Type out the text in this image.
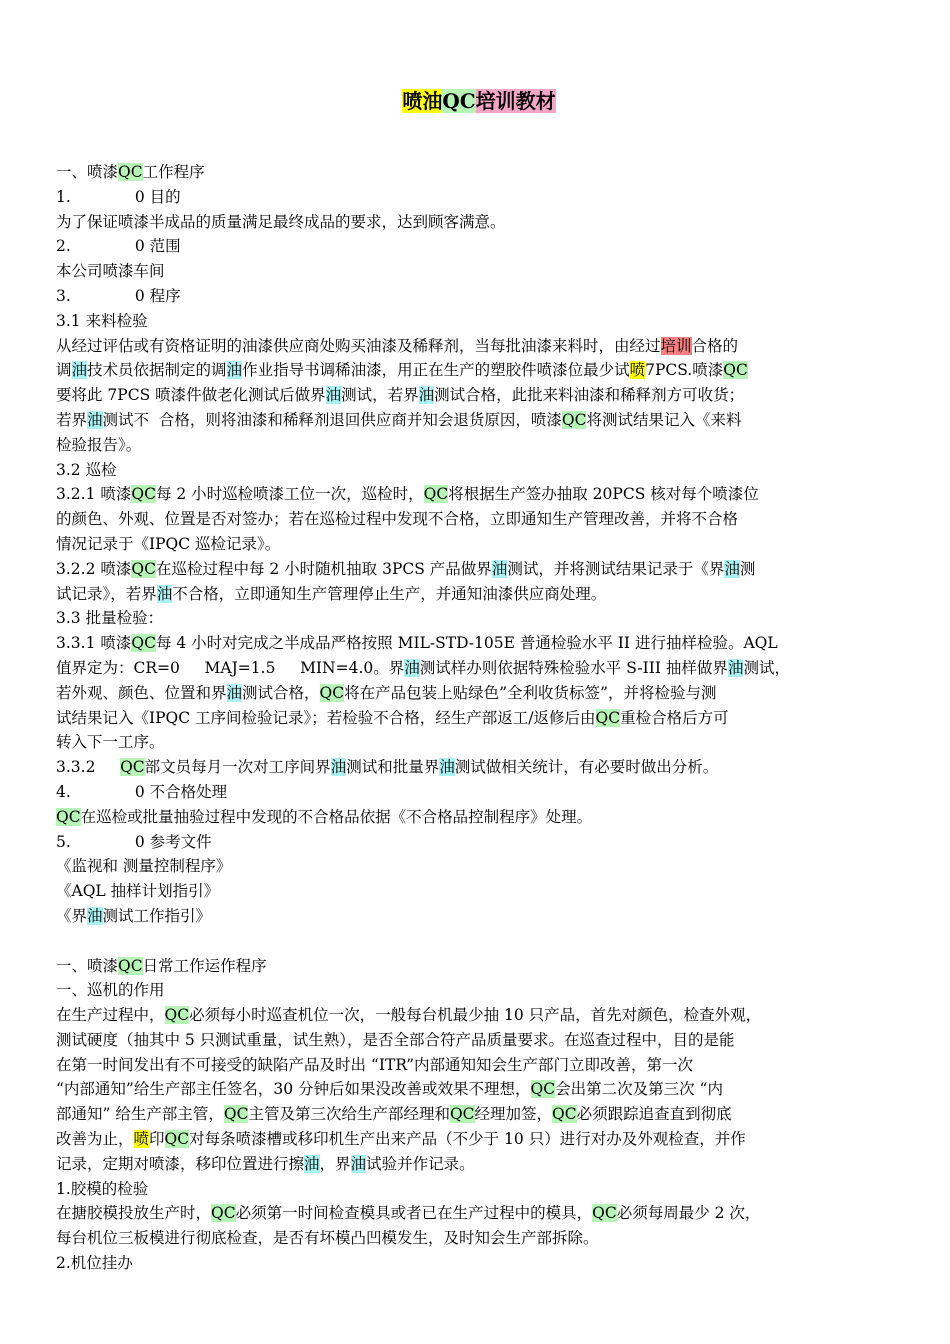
喷油QC培训教材
一、喷漆QC工作程序
1.             0 目的
为了保证喷漆半成品的质量满足最终成品的要求，达到顾客满意。
2.             0 范围
本公司喷漆车间
3.             0 程序
3.1 来料检验
从经过评估或有资格证明的油漆供应商处购买油漆及稀释剂，当每批油漆来料时，由经过培训合格的
调油技术员依据制定的调油作业指导书调稀油漆，用正在生产的塑胶件喷漆位最少试喷7PCS.喷漆QC
要将此 7PCS 喷漆件做老化测试后做界油测试，若界油测试合格，此批来料油漆和稀释剂方可收货；
若界油测试不  合格，则将油漆和稀释剂退回供应商并知会退货原因，喷漆QC将测试结果记入《来料
检验报告》。
3.2 巡检
3.2.1 喷漆QC每 2 小时巡检喷漆工位一次，巡检时，QC将根据生产签办抽取 20PCS 核对每个喷漆位
的颜色、外观、位置是否对签办；若在巡检过程中发现不合格，立即通知生产管理改善，并将不合格
情况记录于《IPQC 巡检记录》。
3.2.2 喷漆QC在巡检过程中每 2 小时随机抽取 3PCS 产品做界油测试，并将测试结果记录于《界油测
试记录》，若界油不合格，立即通知生产管理停止生产，并通知油漆供应商处理。
3.3 批量检验：
3.3.1 喷漆QC每 4 小时对完成之半成品严格按照 MIL-STD-105E 普通检验水平 II 进行抽样检验。AQL
值界定为：CR=0     MAJ=1.5     MIN=4.0。界油测试样办则依据特殊检验水平 S-III 抽样做界油测试，
若外观、颜色、位置和界油测试合格，QC将在产品包装上贴绿色”全利收货标签”，并将检验与测
试结果记入《IPQC 工序间检验记录》；若检验不合格，经生产部返工/返修后由QC重检合格后方可
转入下一工序。
3.3.2     QC部文员每月一次对工序间界油测试和批量界油测试做相关统计，有必要时做出分析。
4.             0 不合格处理
QC在巡检或批量抽验过程中发现的不合格品依据《不合格品控制程序》处理。
5.             0 参考文件
《监视和 测量控制程序》
《AQL 抽样计划指引》
《界油测试工作指引》
一、喷漆QC日常工作运作程序
一、巡机的作用
在生产过程中，QC必须每小时巡查机位一次，一般每台机最少抽 10 只产品，首先对颜色，检查外观，
测试硬度（抽其中 5 只测试重量，试生熟），是否全部合符产品质量要求。在巡查过程中，目的是能
在第一时间发出有不可接受的缺陷产品及时出 “ITR”内部通知知会生产部门立即改善，第一次
“内部通知”给生产部主任签名，30 分钟后如果没改善或效果不理想，QC会出第二次及第三次 “内
部通知” 给生产部主管，QC主管及第三次给生产部经理和QC经理加签，QC必须跟踪追查直到彻底
改善为止，喷印QC对每条喷漆槽或移印机生产出来产品（不少于 10 只）进行对办及外观检查，并作
记录，定期对喷漆，移印位置进行擦油，界油试验并作记录。
1.胶模的检验
在搪胶模投放生产时，QC必须第一时间检查模具或者已在生产过程中的模具，QC必须每周最少 2 次，
每台机位三板模进行彻底检查，是否有坏模凸凹模发生，及时知会生产部拆除。
2.机位挂办
